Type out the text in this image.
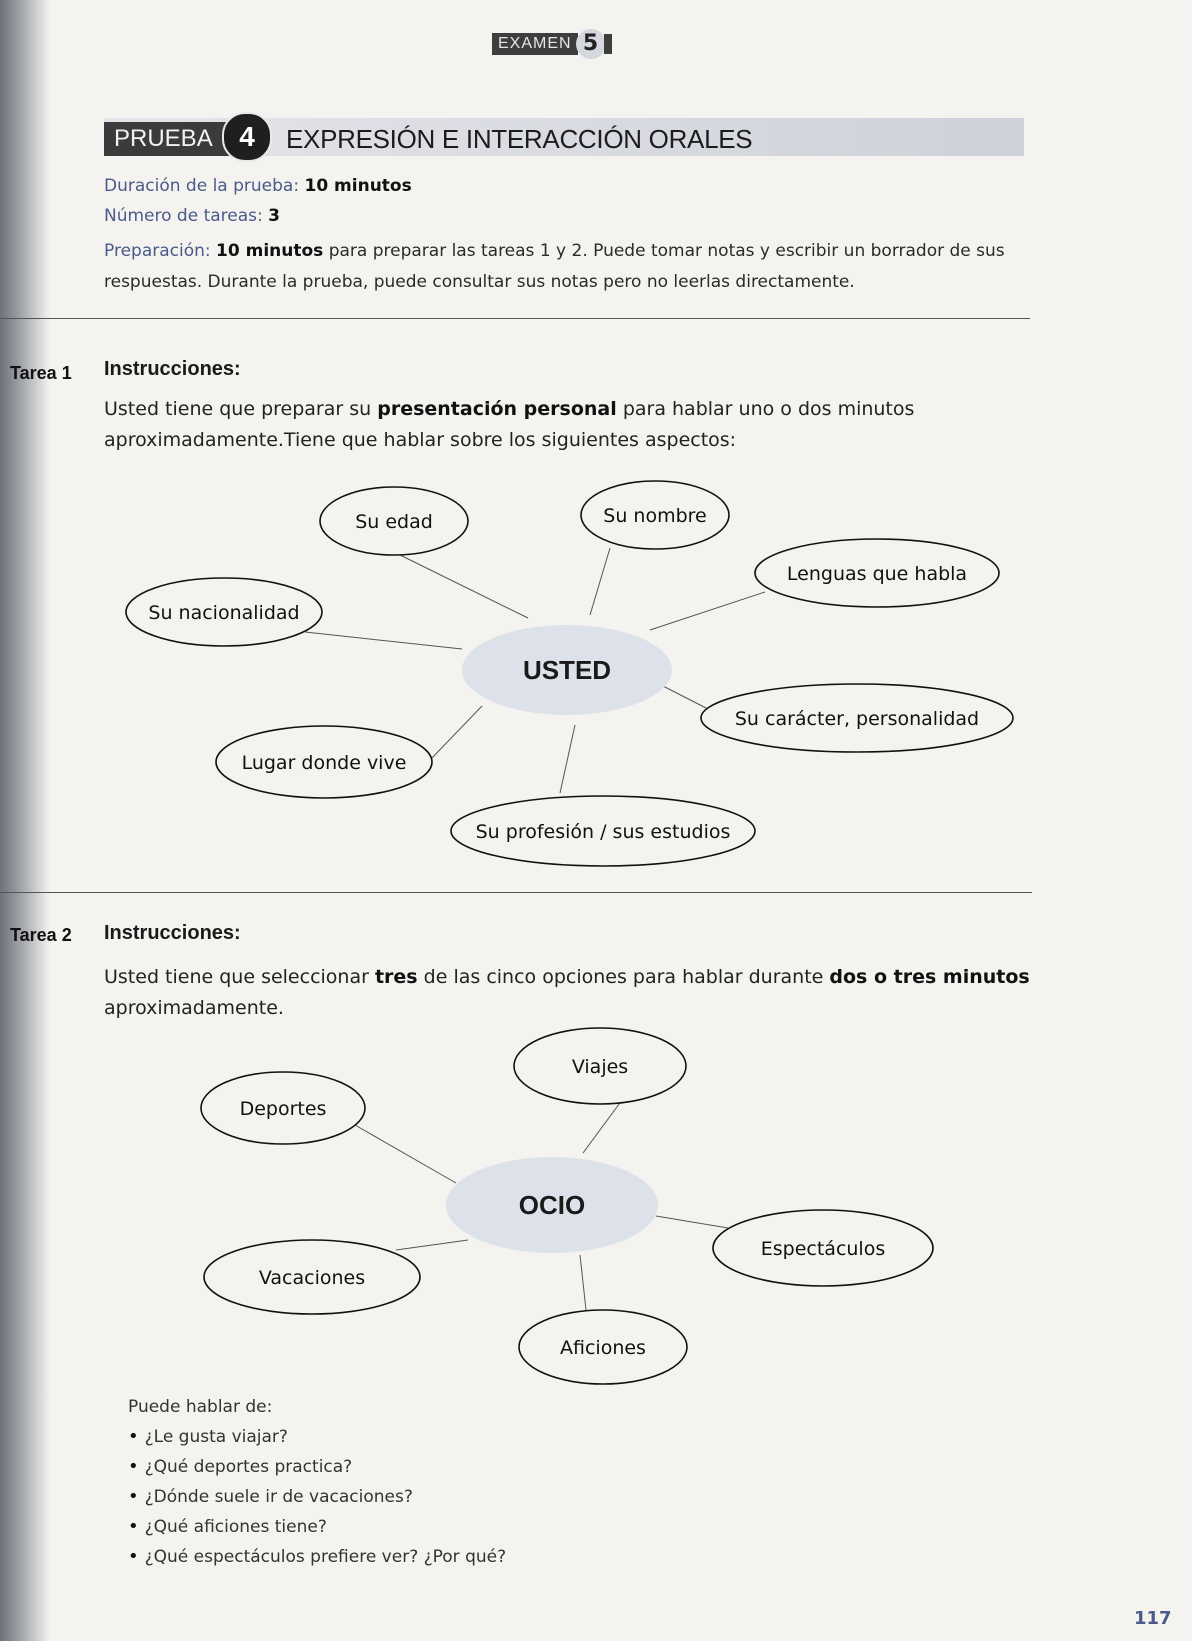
EXAMEN 5
PRUEBA 4	EXPRESIÓN E INTERACCIÓN ORALES
Duración de la prueba: 10 minutos
Número de tareas: 3
Preparación: 10 minutos para preparar las tareas 1 y 2. Puede tomar notas y escribir un borrador de sus respuestas. Durante la prueba, puede consultar sus notas pero no leerlas directamente.
Tarea 1 Instrucciones:
Usted tiene que preparar su presentación personal para hablar uno o dos minutos aproximadamente.Tiene que hablar sobre los siguientes aspectos:
USTED
Su edad	Su nombre
Lenguas que habla
Su nacionalidad
Su carácter, personalidad
Lugar donde vive
Su profesión / sus estudios
OCIO
Viajes
Deportes
Espectáculos
Vacaciones
Aficiones
Tarea 2 Instrucciones:
Usted tiene que seleccionar tres de las cinco opciones para hablar durante dos o tres minutos aproximadamente.
Puede hablar de:
• ¿Le gusta viajar?
• ¿Qué deportes practica?
• ¿Dónde suele ir de vacaciones?
• ¿Qué aficiones tiene?
• ¿Qué espectáculos prefiere ver? ¿Por qué?
117
